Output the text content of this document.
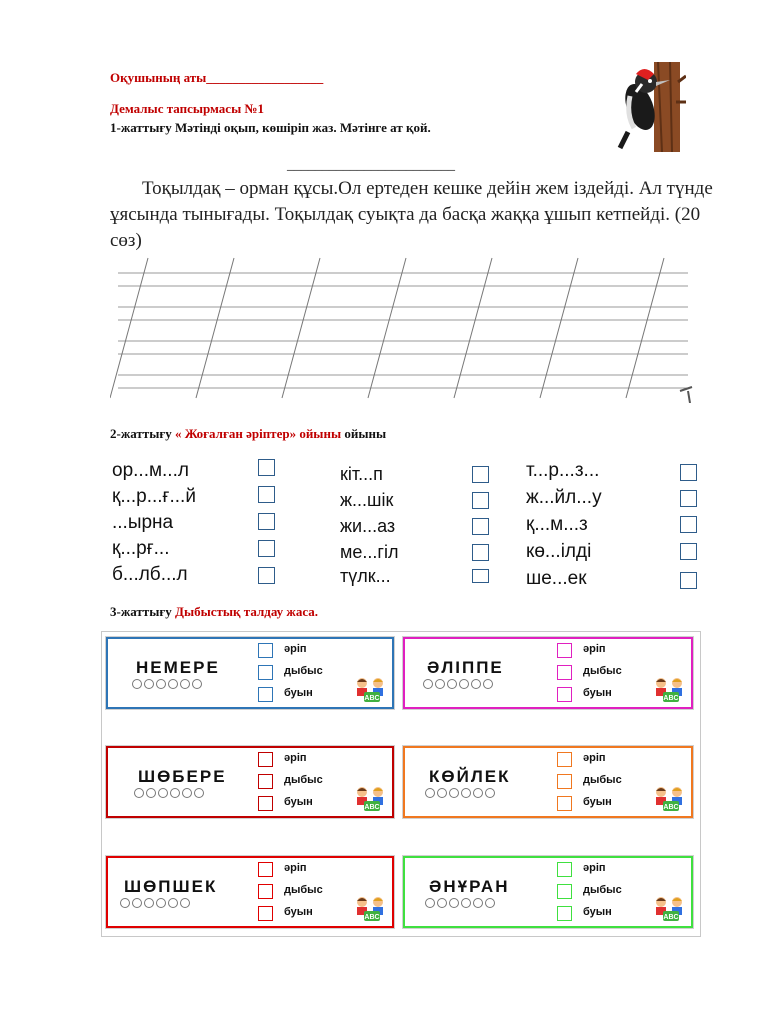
Оқушының аты__________________
Демалыс тапсырмасы №1
1-жаттығу Мәтінді оқып, көшіріп жаз. Мәтінге ат қой.
________________________
Тоқылдақ – орман құсы.Ол ертеден кешке дейін жем іздейді. Ал түнде ұясында тынығады. Тоқылдақ суықта да басқа жаққа ұшып кетпейді. (20 сөз)
2-жаттығу « Жоғалған әріптер» ойыны ойыны
ор...м...л
қ...р...ғ...й
...ырна
қ...рғ...
б...лб...л
кіт...п
ж...шік
жи...аз
ме...гіл
түлк...
т...р...з...
ж...йл...у
қ...м...з
кө...ілді
ше...ек
3-жаттығу Дыбыстық талдау жаса.
НЕМЕРЕ
әріп
дыбыс
буын	ABC
ӘЛІППЕ
әріп
дыбыс
буын	ABC
ШӨБЕРЕ
әріп
дыбыс
буын	ABC
КӨЙЛЕК
әріп
дыбыс
буын	ABC
ШӨПШЕК
әріп
дыбыс
буын	ABC
ӘНҰРАН
әріп
дыбыс
буын	ABC
